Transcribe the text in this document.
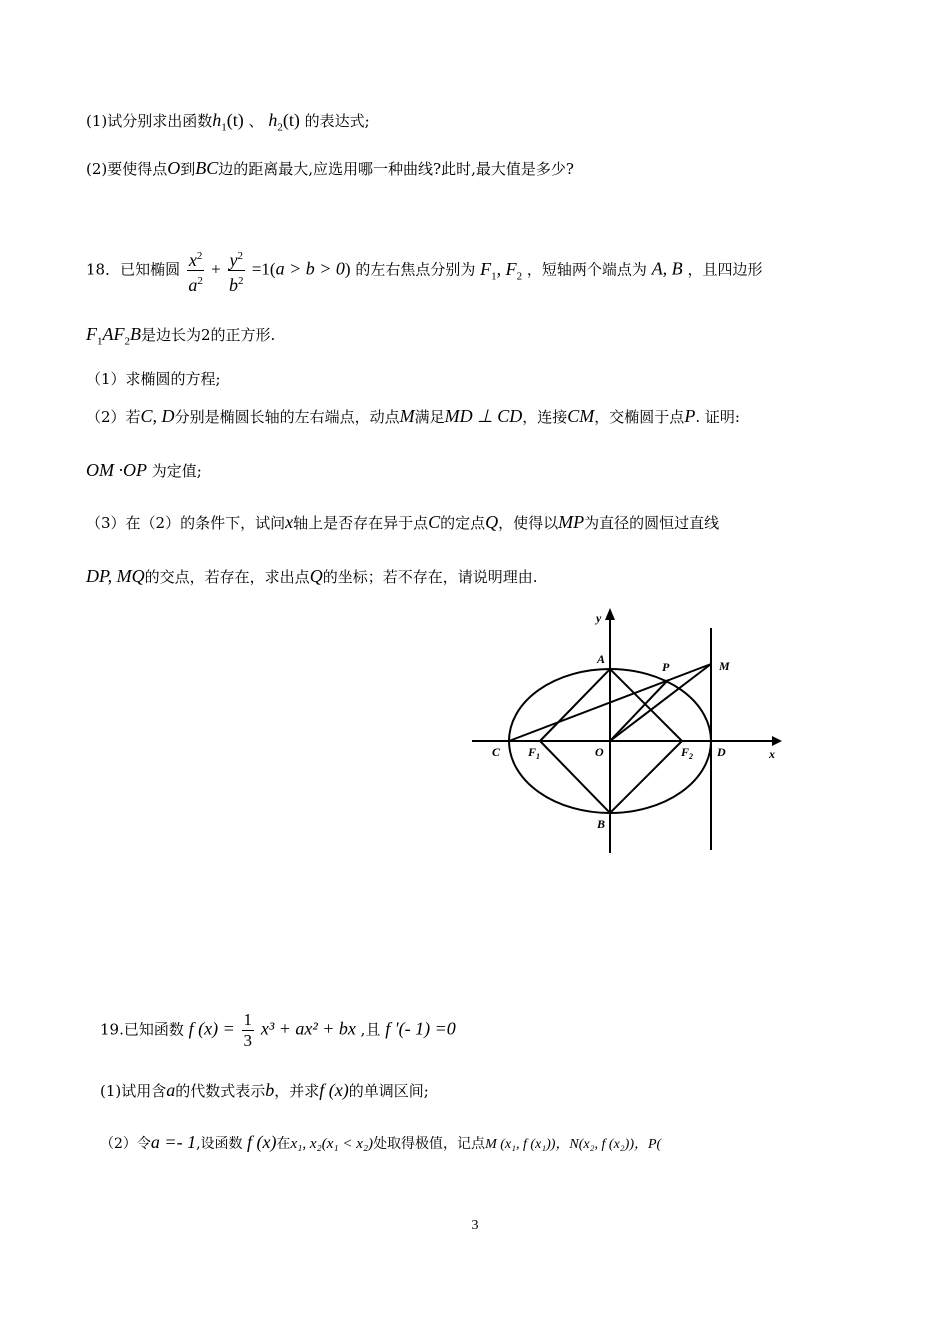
(1)试分别求出函数$h_1(t)$ 、 $h_2(t)$ 的表达式;
(2)要使得点O到BC边的距离最大,应选用哪一种曲线?此时,最大值是多少?
18．已知椭圆 $\frac{x^2}{a^2} + \frac{y^2}{b^2} =1(a > b > 0)$ 的左右焦点分别为 $F_1$, $F_2$ ，短轴两个端点为 A, B ，且四边形
$F_1AF_2B$是边长为2的正方形.
（1）求椭圆的方程;
（2）若C, D分别是椭圆长轴的左右端点，动点M满足MD ⊥ CD，连接CM，交椭圆于点P. 证明:
OM ·OP 为定值;
（3）在（2）的条件下，试问x轴上是否存在异于点C的定点Q，使得以MP为直径的圆恒过直线
DP, MQ的交点，若存在，求出点Q的坐标；若不存在，请说明理由.
y
x
A
B
C	D
O
P	M
$F_1$	$F_2$
19.已知函数 f $(x) = \frac{1}{3} x^3 + ax^2$ + bx ,且 f ′(- 1) =0
(1)试用含a的代数式表示b，并求f (x)的单调区间;
（2）令a =- 1,设函数 f (x)在x₁, x₂(x₁ < x₂)处取得极值，记点M (x₁, f (x₁))，N(x₂, f (x₂))，P(
3
